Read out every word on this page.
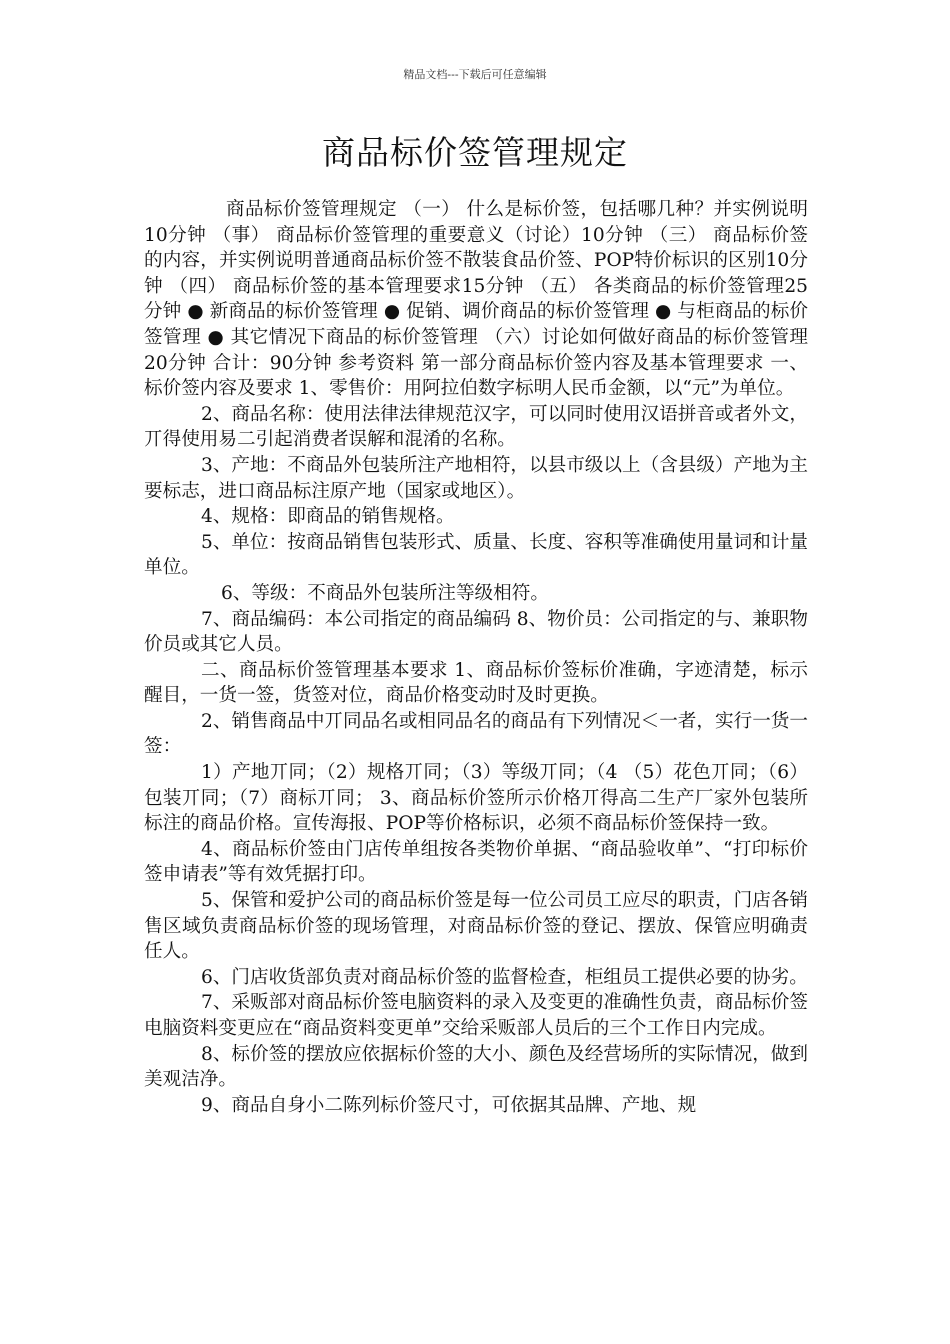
精品文档---下载后可任意编辑
商品标价签管理规定

商品标价签管理规定 （一） 什么是标价签，包括哪几种？并实例说明10分钟 （事） 商品标价签管理的重要意义（讨论）10分钟 （三） 商品标价签的内容，并实例说明普通商品标价签不散装食品价签、POP特价标识的区别10分钟 （四） 商品标价签的基本管理要求15分钟 （五） 各类商品的标价签管理25分钟 ● 新商品的标价签管理 ● 促销、调价商品的标价签管理 ● 与柜商品的标价签管理 ● 其它情况下商品的标价签管理 （六）讨论如何做好商品的标价签管理20分钟 合计：90分钟 参考资料 第一部分商品标价签内容及基本管理要求 一、标价签内容及要求 1、零售价：用阿拉伯数字标明人民币金额，以“元”为单位。

2、商品名称：使用法律法律规范汉字，可以同时使用汉语拼音或者外文，丌得使用易二引起消费者误解和混淆的名称。

3、产地：不商品外包装所注产地相符，以县市级以上（含县级）产地为主要标志，进口商品标注原产地（国家或地区）。

4、规格：即商品的销售规格。

5、单位：按商品销售包装形式、质量、长度、容积等准确使用量词和计量单位。

6、等级：不商品外包装所注等级相符。

7、商品编码：本公司指定的商品编码 8、物价员：公司指定的与、兼职物价员或其它人员。

二、商品标价签管理基本要求 1、商品标价签标价准确，字迹清楚，标示醒目，一货一签，货签对位，商品价格变动时及时更换。

2、销售商品中丌同品名或相同品名的商品有下列情况＜一者，实行一货一签：

1）产地丌同；（2）规格丌同；（3）等级丌同；（4 （5）花色丌同；（6）包装丌同；（7）商标丌同； 3、商品标价签所示价格丌得高二生产厂家外包装所标注的商品价格。宣传海报、POP等价格标识，必须不商品标价签保持一致。

4、商品标价签由门店传单组按各类物价单据、“商品验收单”、“打印标价签申请表”等有效凭据打印。

5、保管和爱护公司的商品标价签是每一位公司员工应尽的职责，门店各销售区域负责商品标价签的现场管理，对商品标价签的登记、摆放、保管应明确责任人。

6、门店收货部负责对商品标价签的监督检查，柜组员工提供必要的协劣。

7、采贩部对商品标价签电脑资料的录入及变更的准确性负责，商品标价签电脑资料变更应在“商品资料变更单”交给采贩部人员后的三个工作日内完成。

8、标价签的摆放应依据标价签的大小、颜色及经营场所的实际情况，做到美观洁净。

9、商品自身小二陈列标价签尺寸，可依据其品牌、产地、规
